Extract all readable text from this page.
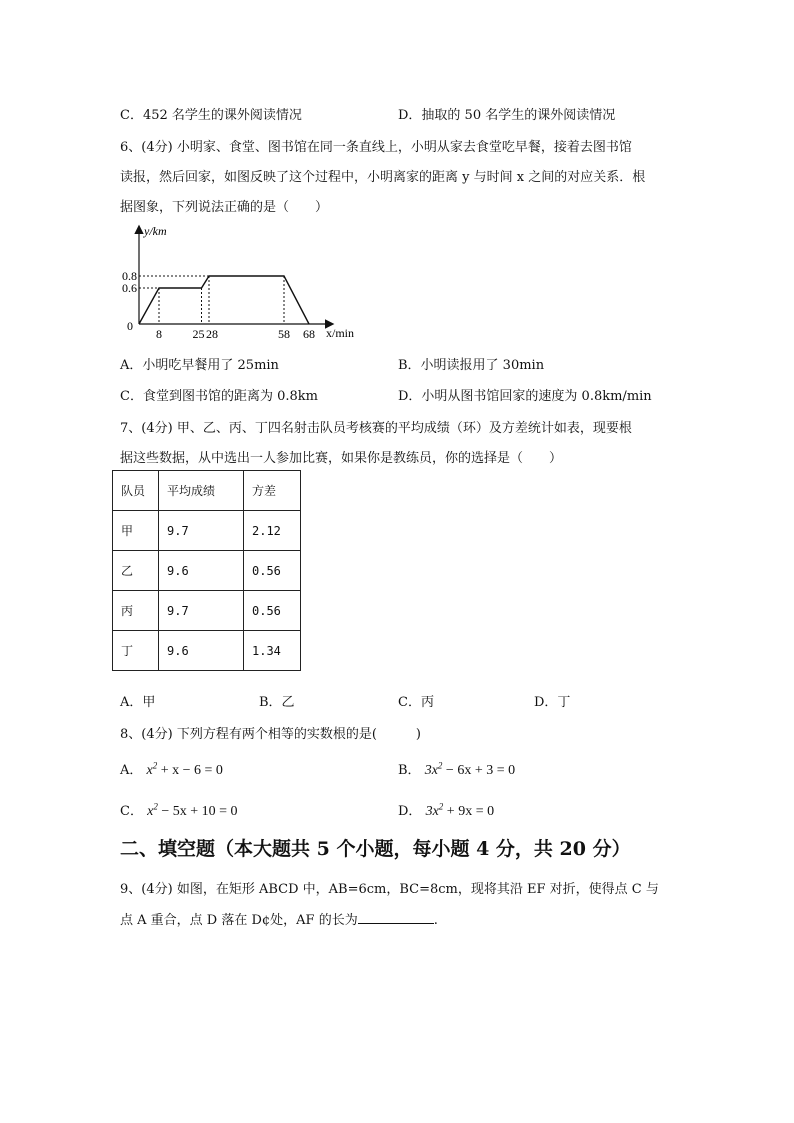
C．452 名学生的课外阅读情况	D．抽取的 50 名学生的课外阅读情况
6、(4分) 小明家、食堂、图书馆在同一条直线上，小明从家去食堂吃早餐，接着去图书馆
读报，然后回家，如图反映了这个过程中，小明离家的距离 y 与时间 x 之间的对应关系．根
据图象，下列说法正确的是（　　）
y/km
x/min
0
8	25 28	58 68
0.8
0.6
A．小明吃早餐用了 25min	B．小明读报用了 30min
C．食堂到图书馆的距离为 0.8km	D．小明从图书馆回家的速度为 0.8km/min
7、(4分) 甲、乙、丙、丁四名射击队员考核赛的平均成绩（环）及方差统计如表，现要根
据这些数据，从中选出一人参加比赛，如果你是教练员，你的选择是（　　）
队员	平均成绩	方差
甲	9.7	2.12
乙	9.6	0.56
丙	9.7	0.56
丁	9.6	1.34
A．甲	B．乙	C．丙	D．丁
8、(4分) 下列方程有两个相等的实数根的是(　　　)
A． $x^2 + x - 6 = 0$	B． $3x^2 - 6x + 3 = 0$
C． $x^2 - 5x + 10 = 0$	D． $3x^2 + 9x = 0$
二、填空题（本大题共 5 个小题，每小题 4 分，共 20 分）
9、(4分) 如图，在矩形 ABCD 中，AB=6cm，BC=8cm，现将其沿 EF 对折，使得点 C 与
点 A 重合，点 D 落在 D¢处，AF 的长为	.
